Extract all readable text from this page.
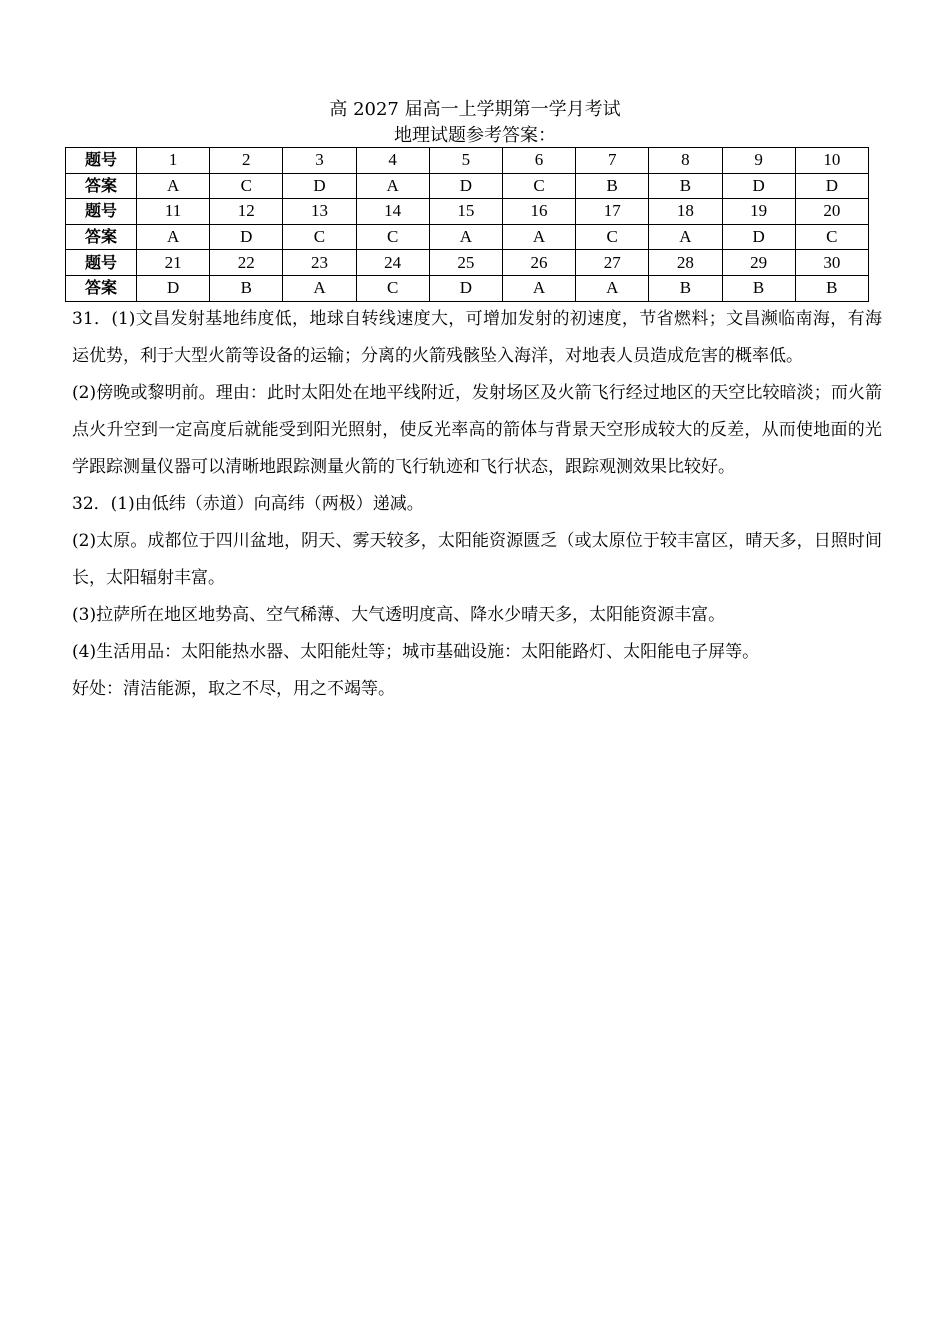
高 2027 届高一上学期第一学月考试
地理试题参考答案：
题号	1	2	3	4	5	6	7	8	9	10
答案	A	C	D	A	D	C	B	B	D	D
题号	11	12	13	14	15	16	17	18	19	20
答案	A	D	C	C	A	A	C	A	D	C
题号	21	22	23	24	25	26	27	28	29	30
答案	D	B	A	C	D	A	A	B	B	B

31．(1)文昌发射基地纬度低，地球自转线速度大，可增加发射的初速度，节省燃料；文昌濒临南海，有海运优势，利于大型火箭等设备的运输；分离的火箭残骸坠入海洋，对地表人员造成危害的概率低。

(2)傍晚或黎明前。理由：此时太阳处在地平线附近，发射场区及火箭飞行经过地区的天空比较暗淡；而火箭点火升空到一定高度后就能受到阳光照射，使反光率高的箭体与背景天空形成较大的反差，从而使地面的光学跟踪测量仪器可以清晰地跟踪测量火箭的飞行轨迹和飞行状态，跟踪观测效果比较好。

32．(1)由低纬（赤道）向高纬（两极）递减。

(2)太原。成都位于四川盆地，阴天、雾天较多，太阳能资源匮乏（或太原位于较丰富区，晴天多，日照时间长，太阳辐射丰富。

(3)拉萨所在地区地势高、空气稀薄、大气透明度高、降水少晴天多，太阳能资源丰富。

(4)生活用品：太阳能热水器、太阳能灶等；城市基础设施：太阳能路灯、太阳能电子屏等。

好处：清洁能源，取之不尽，用之不竭等。
